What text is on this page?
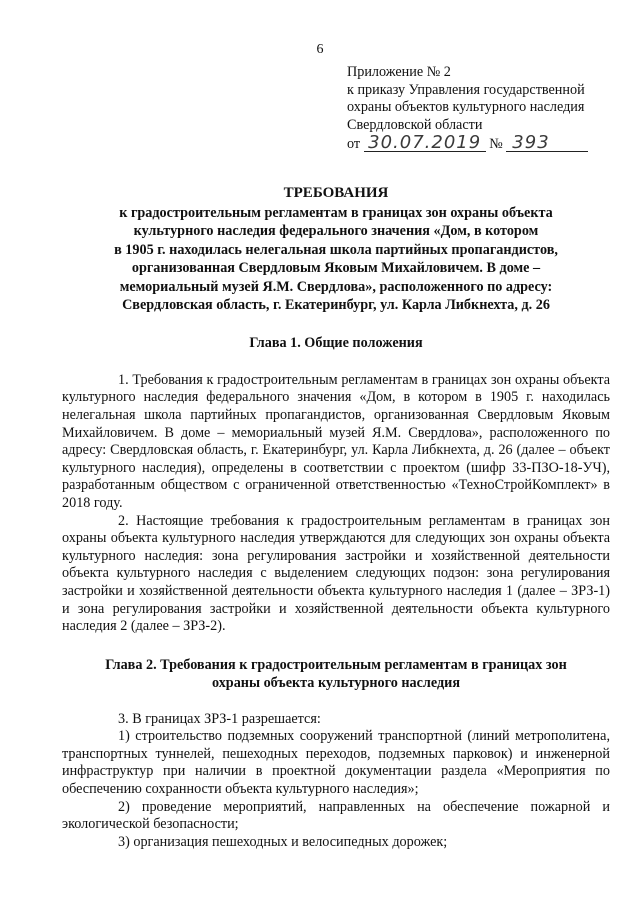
6
Приложение № 2
к приказу Управления государственной
охраны объектов культурного наследия
Свердловской области
от 30.07.2019 № 393
ТРЕБОВАНИЯ
к градостроительным регламентам в границах зон охраны объекта
культурного наследия федерального значения «Дом, в котором
в 1905 г. находилась нелегальная школа партийных пропагандистов,
организованная Свердловым Яковым Михайловичем. В доме –
мемориальный музей Я.М. Свердлова», расположенного по адресу:
Свердловская область, г. Екатеринбург, ул. Карла Либкнехта, д. 26
Глава 1. Общие положения

1. Требования к градостроительным регламентам в границах зон охраны объекта культурного наследия федерального значения «Дом, в котором в 1905 г. находилась нелегальная школа партийных пропагандистов, организованная Свердловым Яковым Михайловичем. В доме – мемориальный музей Я.М. Свердлова», расположенного по адресу: Свердловская область, г. Екатеринбург, ул. Карла Либкнехта, д. 26 (далее – объект культурного наследия), определены в соответствии с проектом (шифр 33-ПЗО-18-УЧ), разработанным обществом с ограниченной ответственностью «ТехноСтройКомплект» в 2018 году.

2. Настоящие требования к градостроительным регламентам в границах зон охраны объекта культурного наследия утверждаются для следующих зон охраны объекта культурного наследия: зона регулирования застройки и хозяйственной деятельности объекта культурного наследия с выделением следующих подзон: зона регулирования застройки и хозяйственной деятельности объекта культурного наследия 1 (далее – ЗРЗ-1) и зона регулирования застройки и хозяйственной деятельности объекта культурного наследия 2 (далее – ЗРЗ-2).

Глава 2. Требования к градостроительным регламентам в границах зон
охраны объекта культурного наследия

3. В границах ЗРЗ-1 разрешается:

1) строительство подземных сооружений транспортной (линий метрополитена, транспортных туннелей, пешеходных переходов, подземных парковок) и инженерной инфраструктур при наличии в проектной документации раздела «Мероприятия по обеспечению сохранности объекта культурного наследия»;

2) проведение мероприятий, направленных на обеспечение пожарной и экологической безопасности;

3) организация пешеходных и велосипедных дорожек;
